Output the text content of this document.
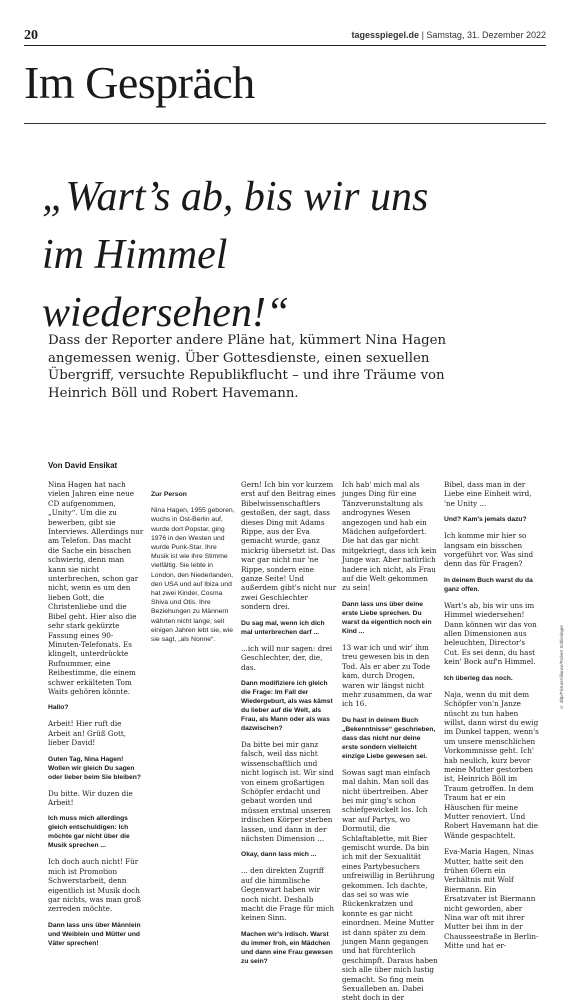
20	tagesspiegel.de | Samstag, 31. Dezember 2022
Im Gespräch
„Wart’s ab, bis wir uns
im Himmel
wiedersehen!“
Dass der Reporter andere Pläne hat, kümmert Nina Hagen
angemessen wenig. Über Gottesdienste, einen sexuellen
Übergriff, versuchte Republikflucht – und ihre Träume von
Heinrich Böll und Robert Havemann.
Von David Ensikat

Nina Hagen hat nach vielen Jahren eine neue CD aufgenommen, „Unity“. Um die zu bewerben, gibt sie Interviews. Allerdings nur am Telefon. Das macht die Sache ein bisschen schwierig, denn man kann sie nicht unterbrechen, schon gar nicht, wenn es um den lieben Gott, die Christenliebe und die Bibel geht. Hier also die sehr stark gekürzte Fassung eines 90-Minuten-Telefonats. Es klingelt, unterdrückte Rufnummer, eine Reibestimme, die einem schwer erkälteten Tom Waits gehören könnte.

Hallo?

Arbeit! Hier ruft die Arbeit an! Grüß Gott, lieber David!

Guten Tag, Nina Hagen! Wollen wir gleich Du sagen oder lieber beim Sie bleiben?

Du bitte. Wir duzen die Arbeit!

Ich muss mich allerdings gleich entschuldigen: Ich möchte gar nicht über die Musik sprechen ...

Ich doch auch nicht! Für mich ist Promotion Schwerstarbeit, denn eigentlich ist Musik doch gar nichts, was man groß zerreden möchte.

Dann lass uns über Männlein und Weiblein und Mütter und Väter sprechen!

Zur Person
Nina Hagen, 1955 geboren, wuchs in Ost-Berlin auf, wurde dort Popstar, ging 1976 in den Westen und wurde Punk-Star. Ihre Musik ist wie ihre Stimme vielfältig. Sie lebte in London, den Niederlanden, den USA und auf Ibiza und hat zwei Kinder, Cosma Shiva und Otis. Ihre Beziehungen zu Männern währten nicht lange; seit einigen Jahren lebt sie, wie sie sagt, „als Nonne“.

Gern! Ich bin vor kurzem erst auf den Beitrag eines Bibelwissenschaftlers gestoßen, der sagt, dass dieses Ding mit Adams Rippe, aus der Eva gemacht wurde, ganz mickrig übersetzt ist. Das war gar nicht nur 'ne Rippe, sondern eine ganze Seite! Und außerdem gibt's nicht nur zwei Geschlechter sondern drei.

Du sag mal, wenn ich dich mal unterbrechen darf ...

...ich will nur sagen: drei Geschlechter, der, die, das.

Dann modifiziere ich gleich die Frage: Im Fall der Wiedergeburt, als was kämst du lieber auf die Welt, als Frau, als Mann oder als was dazwischen?

Da bitte bei mir ganz falsch, weil das nicht wissenschaftlich und nicht logisch ist. Wir sind von einem großartigen Schöpfer erdacht und gebaut worden und müssen erstmal unseren irdischen Körper sterben lassen, und dann in der nächsten Dimension ...

Okay, dann lass mich ...

... den direkten Zugriff auf die himmlische Gegenwart haben wir noch nicht. Deshalb macht die Frage für mich keinen Sinn.

Machen wir's irdisch. Warst du immer froh, ein Mädchen und dann eine Frau gewesen zu sein?

Ich hab' mich mal als junges Ding für eine Tänzverunstaltung als androgynes Wesen angezogen und hab ein Mädchen aufgefordert. Die hat das gar nicht mitgekriegt, dass ich kein Junge war. Aber natürlich hadere ich nicht, als Frau auf die Welt gekommen zu sein!

Dann lass uns über deine erste Liebe sprechen. Du warst da eigentlich noch ein Kind ...

13 war ich und wir' ihm treu gewesen bis in den Tod. Als er aber zu Tode kam, durch Drogen, waren wir längst nicht mehr zusammen, da war ich 16.

Du hast in deinem Buch „Bekenntnisse“ geschrieben, dass das nicht nur deine erste sondern vielleicht einzige Liebe gewesen sei.

Sowas sagt man einfach mal dahin. Man soll das nicht übertreiben. Aber bei mir ging's schon schiefgewickelt los. Ich war auf Partys, wo Dormutil, die Schlaftablette, mit Bier gemischt wurde. Da bin ich mit der Sexualität eines Partybesuchers unfreiwillig in Berührung gekommen. Ich dachte, das sei so was wie Rückenkratzen und konnte es gar nicht einordnen. Meine Mutter ist dann später zu dem jungen Mann gegangen und hat fürchterlich geschimpft. Daraus haben sich alle über mich lustig gemacht. So fing mein Sexualleben an. Dabei steht doch in der

Bibel, dass man in der Liebe eine Einheit wird, 'ne Unity ...

Und? Kam's jemals dazu?

Ich komme mir hier so langsam ein bisschen vorgeführt vor. Was sind denn das für Fragen?

In deinem Buch warst du da ganz offen.

Wart's ab, bis wir uns im Himmel wiedersehen! Dann können wir das von allen Dimensionen aus beleuchten, Director's Cut. Es sei denn, du hast kein' Bock auf'n Himmel.

Ich überleg das noch.

Naja, wenn du mit dem Schöpfer von'n Janze nüscht zu tun haben willst, dann wirst du ewig im Dunkel tappen, wenn's um unsere menschlichen Vorkommnisse geht. Ich' hab neulich, kurz bevor meine Mutter gestorben ist, Heinrich Böll im Traum getroffen. In dem Traum hat er ein Häuschen für meine Mutter renoviert. Und Robert Havemann hat die Wände gespachtelt.

Eva-Maria Hagen, Ninas Mutter, hatte seit den frühen 60ern ein Verhältnis mit Wolf Biermann. Ein Ersatzvater ist Biermann nicht geworden, aber Nina war oft mit ihrer Mutter bei ihm in der Chausseestraße in Berlin-Mitte und hat er-

© ddp/PictureAlliance/Robert Schlesinger
